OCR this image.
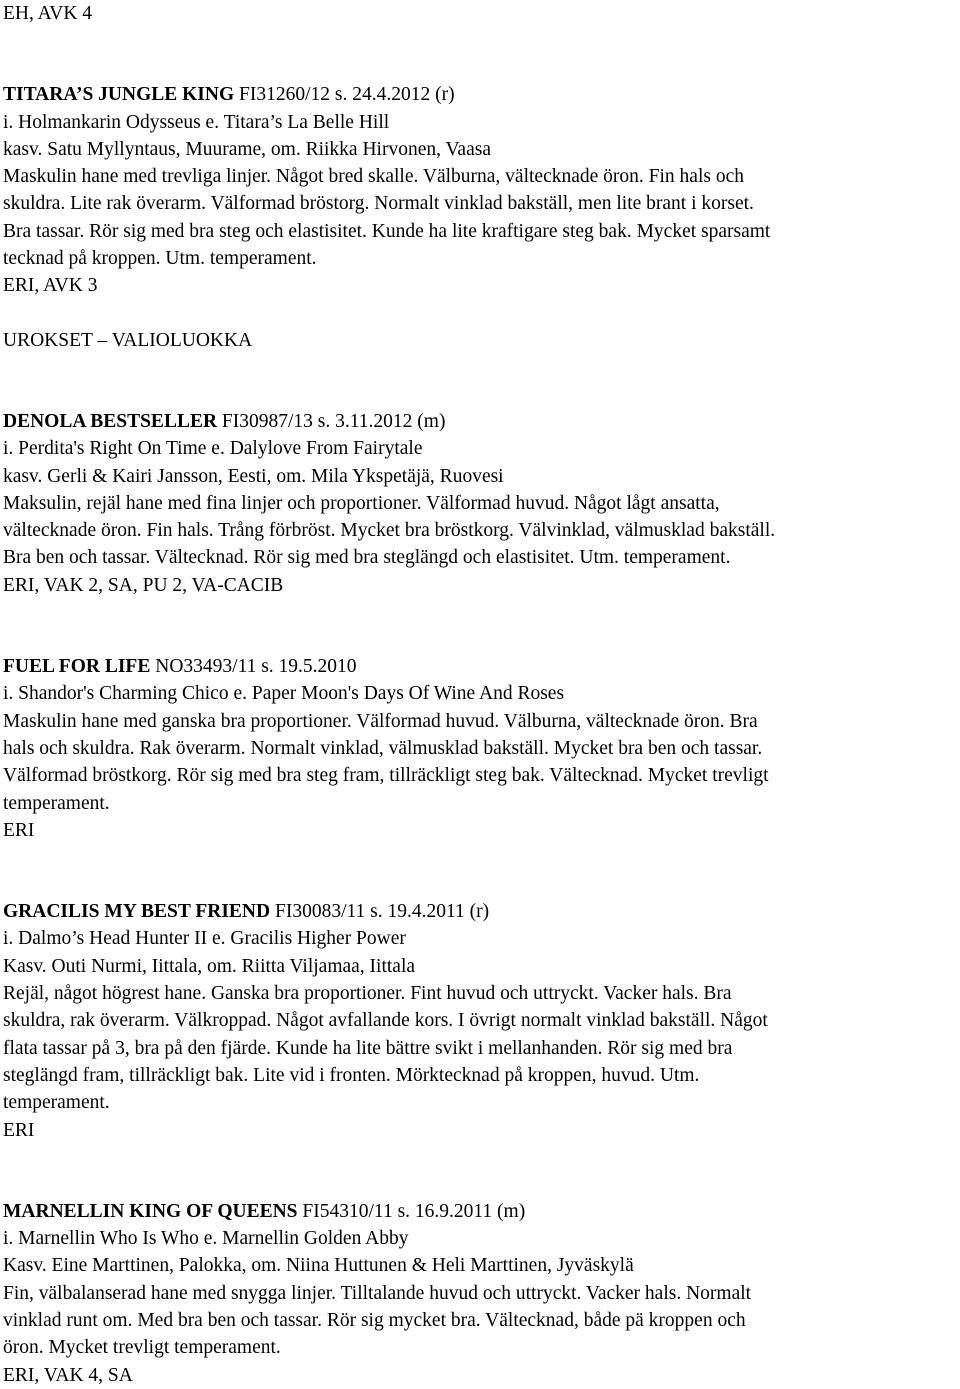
EH, AVK 4
TITARA’S JUNGLE KING FI31260/12 s. 24.4.2012 (r)
i. Holmankarin Odysseus e. Titara’s La Belle Hill
kasv. Satu Myllyntaus, Muurame, om. Riikka Hirvonen, Vaasa
Maskulin hane med trevliga linjer. Något bred skalle. Välburna, vältecknade öron. Fin hals och
skuldra. Lite rak överarm. Välformad bröstorg. Normalt vinklad bakställ, men lite brant i korset.
Bra tassar. Rör sig med bra steg och elastisitet. Kunde ha lite kraftigare steg bak. Mycket sparsamt
tecknad på kroppen. Utm. temperament.
ERI, AVK 3
UROKSET – VALIOLUOKKA
DENOLA BESTSELLER FI30987/13 s. 3.11.2012 (m)
i. Perdita's Right On Time e. Dalylove From Fairytale
kasv. Gerli & Kairi Jansson, Eesti, om. Mila Ykspetäjä, Ruovesi
Maksulin, rejäl hane med fina linjer och proportioner. Välformad huvud. Något lågt ansatta,
vältecknade öron. Fin hals. Trång förbröst. Mycket bra bröstkorg. Välvinklad, välmusklad bakställ.
Bra ben och tassar. Vältecknad. Rör sig med bra steglängd och elastisitet. Utm. temperament.
ERI, VAK 2, SA, PU 2, VA-CACIB
FUEL FOR LIFE NO33493/11 s. 19.5.2010
i. Shandor's Charming Chico e. Paper Moon's Days Of Wine And Roses
Maskulin hane med ganska bra proportioner. Välformad huvud. Välburna, vältecknade öron. Bra
hals och skuldra. Rak överarm. Normalt vinklad, välmusklad bakställ. Mycket bra ben och tassar.
Välformad bröstkorg. Rör sig med bra steg fram, tillräckligt steg bak. Vältecknad. Mycket trevligt
temperament.
ERI
GRACILIS MY BEST FRIEND FI30083/11 s. 19.4.2011 (r)
i. Dalmo’s Head Hunter II e. Gracilis Higher Power
Kasv. Outi Nurmi, Iittala, om. Riitta Viljamaa, Iittala
Rejäl, något högrest hane. Ganska bra proportioner. Fint huvud och uttryckt. Vacker hals. Bra
skuldra, rak överarm. Välkroppad. Något avfallande kors. I övrigt normalt vinklad bakställ. Något
flata tassar på 3, bra på den fjärde. Kunde ha lite bättre svikt i mellanhanden. Rör sig med bra
steglängd fram, tillräckligt bak. Lite vid i fronten. Mörktecknad på kroppen, huvud. Utm.
temperament.
ERI
MARNELLIN KING OF QUEENS FI54310/11 s. 16.9.2011 (m)
i. Marnellin Who Is Who e. Marnellin Golden Abby
Kasv. Eine Marttinen, Palokka, om. Niina Huttunen & Heli Marttinen, Jyväskylä
Fin, välbalanserad hane med snygga linjer. Tilltalande huvud och uttryckt. Vacker hals. Normalt
vinklad runt om. Med bra ben och tassar. Rör sig mycket bra. Vältecknad, både pä kroppen och
öron. Mycket trevligt temperament.
ERI, VAK 4, SA
